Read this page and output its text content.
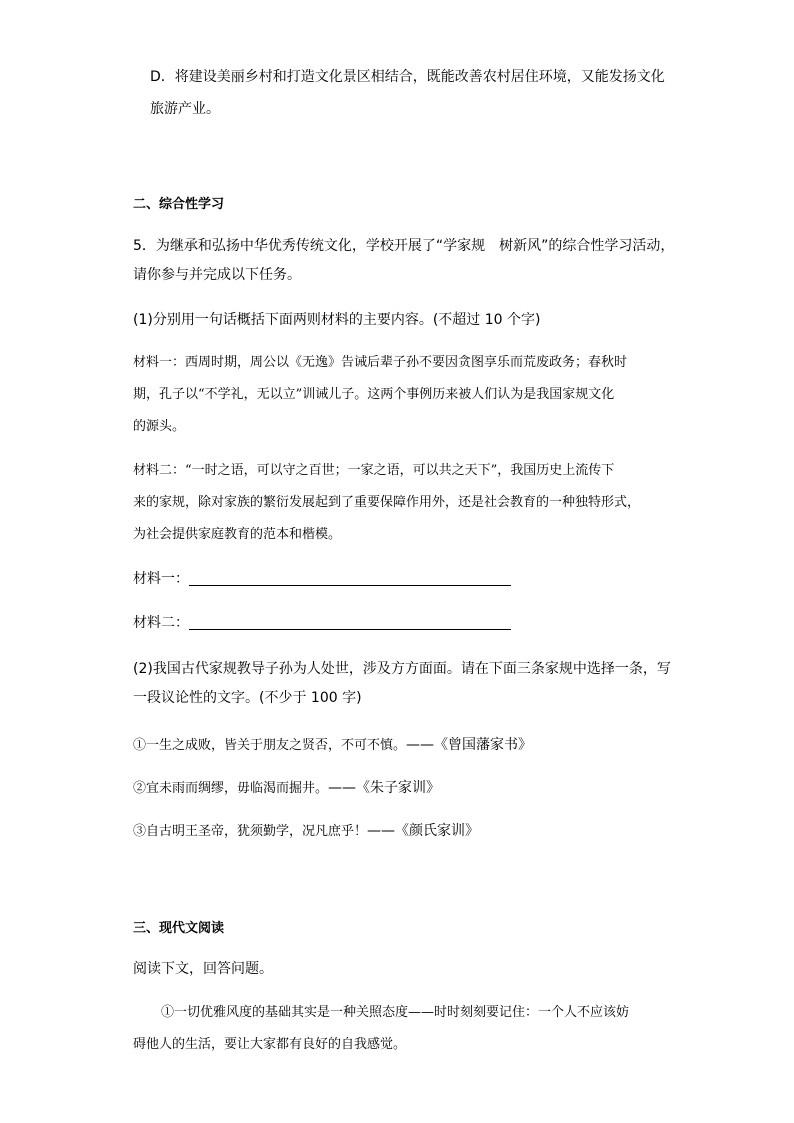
D．将建设美丽乡村和打造文化景区相结合，既能改善农村居住环境，又能发扬文化
旅游产业。
二、综合性学习
5．为继承和弘扬中华优秀传统文化，学校开展了“学家规　树新风”的综合性学习活动，
请你参与并完成以下任务。
(1)分别用一句话概括下面两则材料的主要内容。(不超过 10 个字)
材料一：西周时期，周公以《无逸》告诫后辈子孙不要因贪图享乐而荒废政务；春秋时
期，孔子以“不学礼，无以立”训诫儿子。这两个事例历来被人们认为是我国家规文化
的源头。
材料二：“一时之语，可以守之百世；一家之语，可以共之天下”，我国历史上流传下
来的家规，除对家族的繁衍发展起到了重要保障作用外，还是社会教育的一种独特形式，
为社会提供家庭教育的范本和楷模。
材料一：
材料二：
(2)我国古代家规教导子孙为人处世，涉及方方面面。请在下面三条家规中选择一条，写
一段议论性的文字。(不少于 100 字)
①一生之成败，皆关于朋友之贤否，不可不慎。——《曾国藩家书》
②宜未雨而绸缪，毋临渴而掘井。——《朱子家训》
③自古明王圣帝，犹须勤学，况凡庶乎！——《颜氏家训》
三、现代文阅读
阅读下文，回答问题。
①一切优雅风度的基础其实是一种关照态度——时时刻刻要记住：一个人不应该妨
碍他人的生活，要让大家都有良好的自我感觉。
